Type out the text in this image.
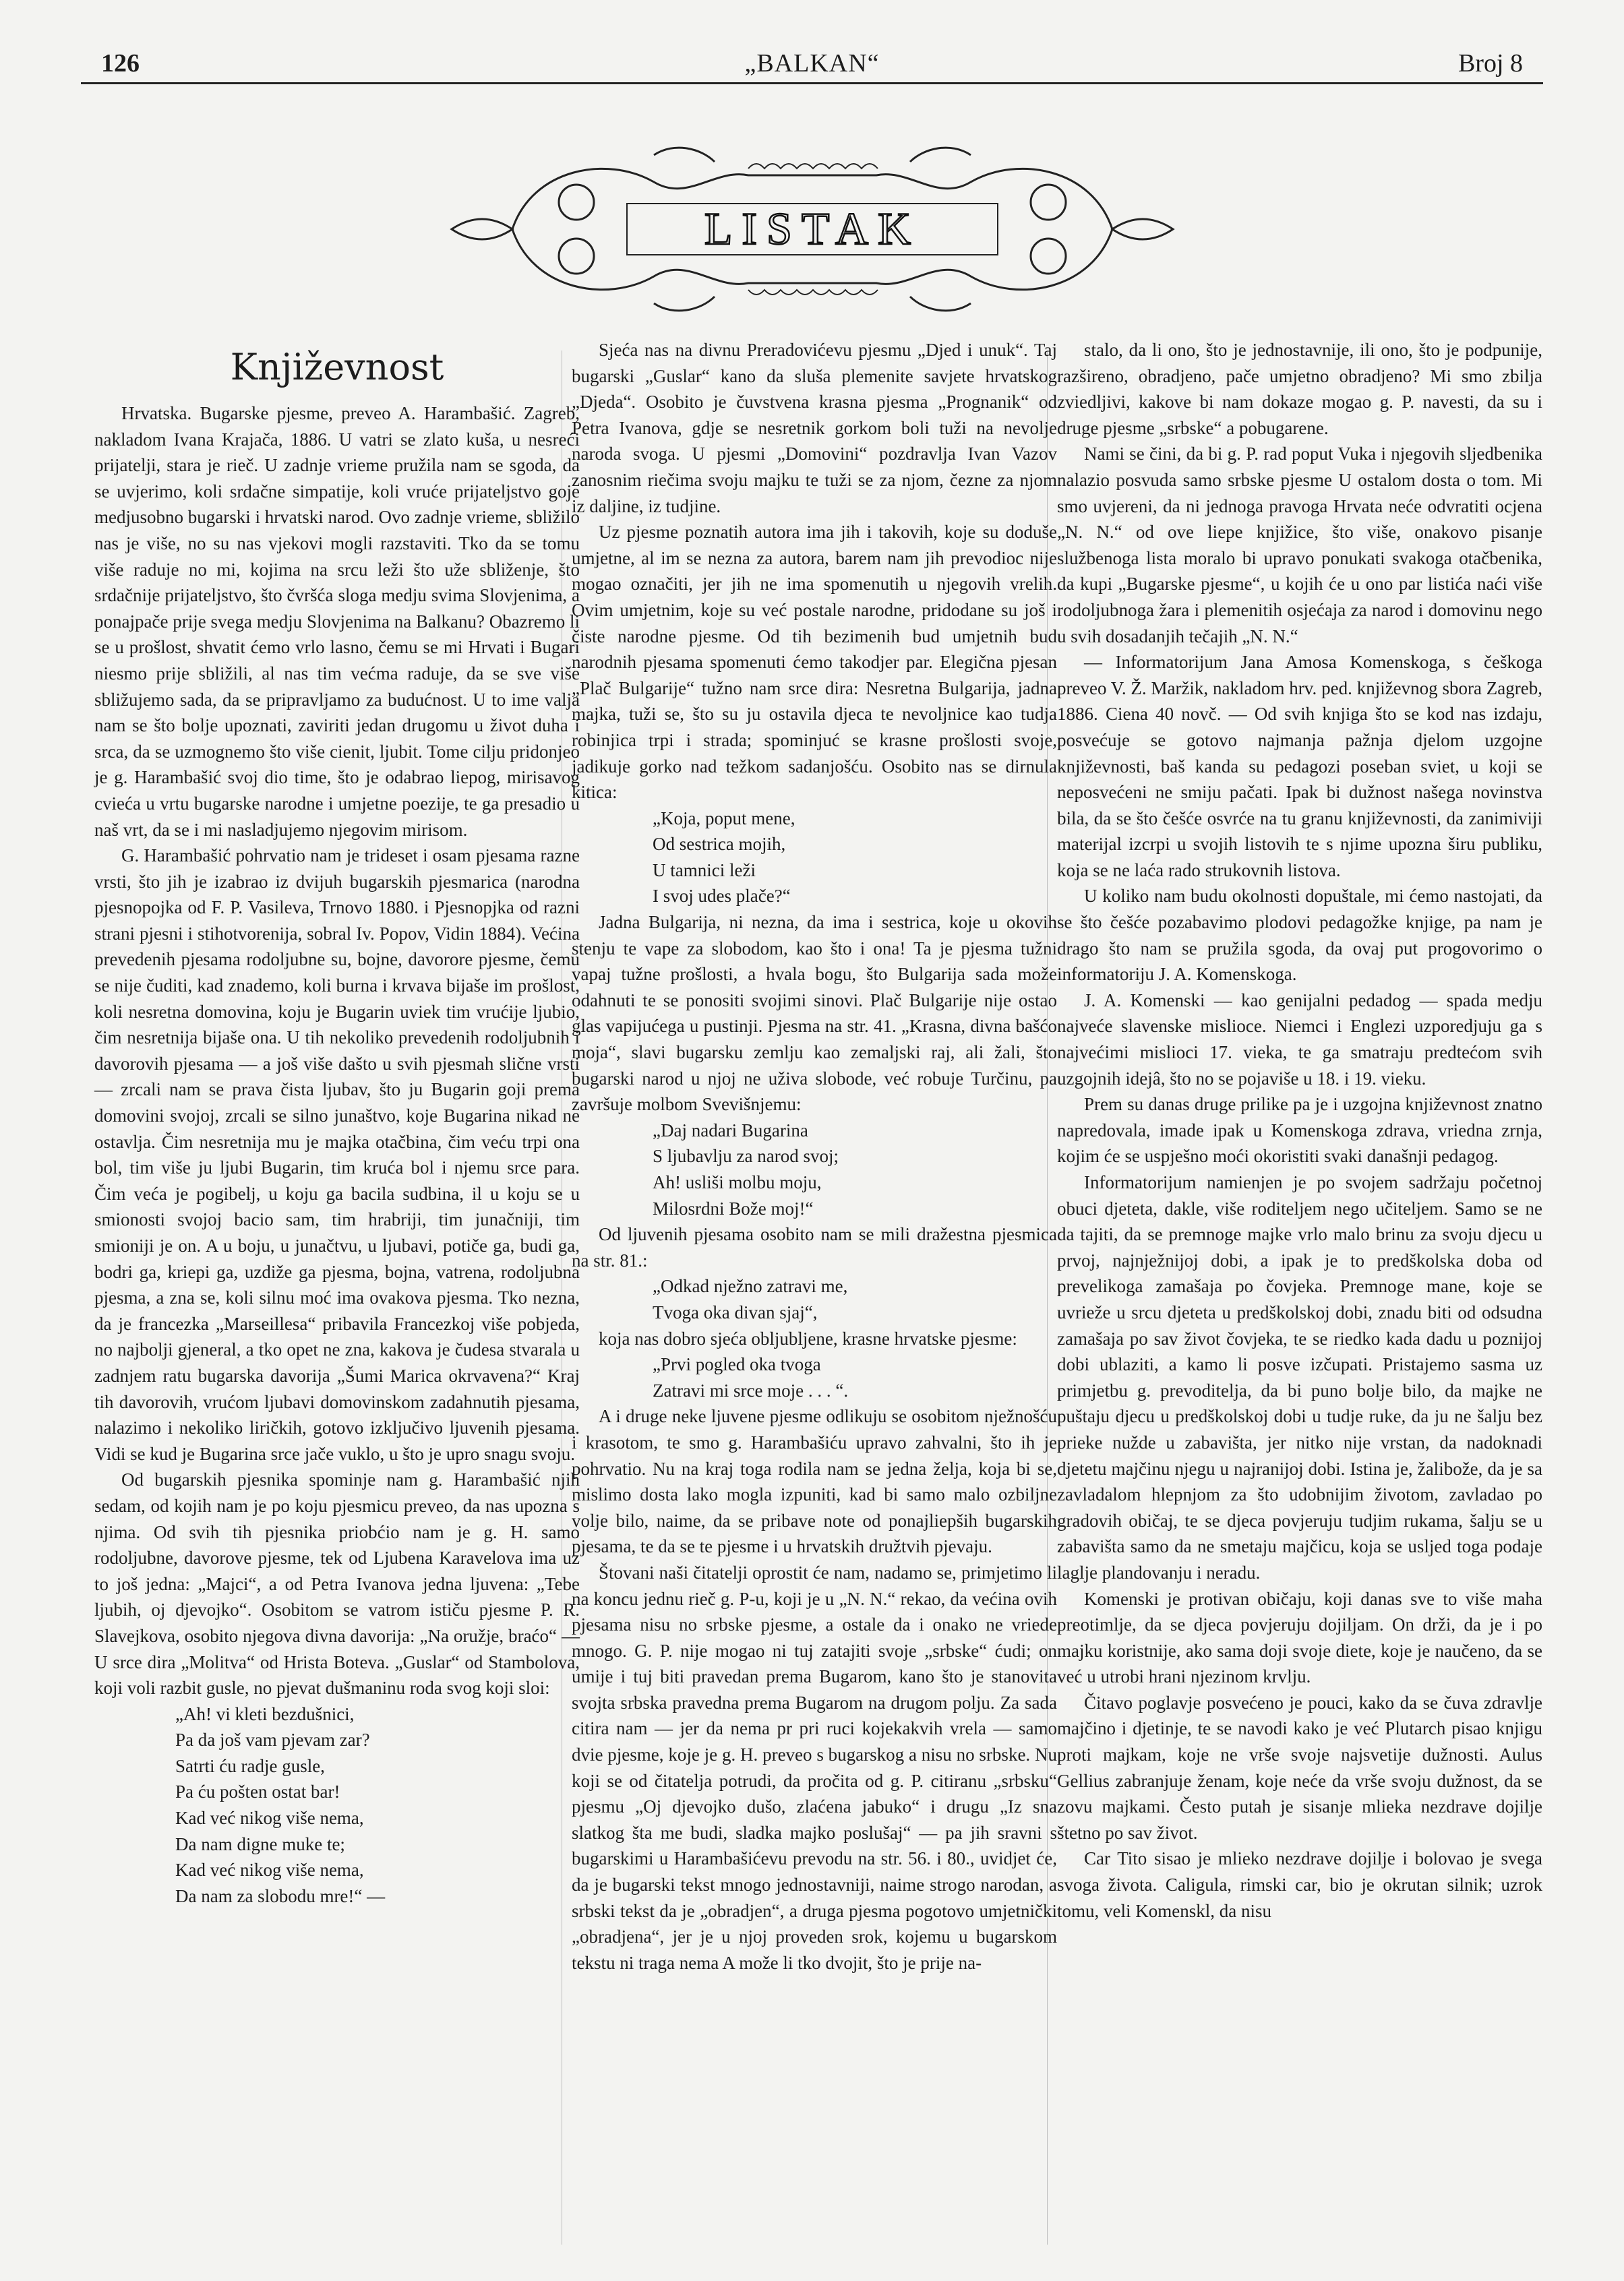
126	„BALKAN“	Broj 8
LISTAK
Književnost

Hrvatska. Bugarske pjesme, preveo A. Harambašić. Zagreb, nakladom Ivana Krajača, 1886. U vatri se zlato kuša, u nesreći prijatelji, stara je rieč. U zadnje vrieme pružila nam se sgoda, da se uvjerimo, koli srdačne simpatije, koli vruće prijateljstvo goje medjusobno bugarski i hrvatski narod. Ovo zadnje vrieme, sbližilo nas je više, no su nas vjekovi mogli razstaviti. Tko da se tomu više raduje no mi, kojima na srcu leži što uže sbliženje, što srdačnije prijateljstvo, što čvršća sloga medju svima Slovjenima, a ponajpače prije svega medju Slovjenima na Balkanu? Obazremo li se u prošlost, shvatit ćemo vrlo lasno, čemu se mi Hrvati i Bugari niesmo prije sbližili, al nas tim većma raduje, da se sve više sbližujemo sada, da se pripravljamo za budućnost. U to ime valja nam se što bolje upoznati, zaviriti jedan drugomu u život duha i srca, da se uzmognemo što više cienit, ljubit. Tome cilju pridonjeo je g. Harambašić svoj dio time, što je odabrao liepog, mirisavog cvieća u vrtu bugarske narodne i umjetne poezije, te ga presadio u naš vrt, da se i mi nasladjujemo njegovim mirisom.

G. Harambašić pohrvatio nam je trideset i osam pjesama razne vrsti, što jih je izabrao iz dvijuh bugarskih pjesmarica (narodna pjesnopojka od F. P. Vasileva, Trnovo 1880. i Pjesnopjka od razni strani pjesni i stihotvorenija, sobral Iv. Popov, Vidin 1884). Većina prevedenih pjesama rodoljubne su, bojne, davorore pjesme, čemu se nije čuditi, kad znademo, koli burna i krvava bijaše im prošlost, koli nesretna domovina, koju je Bugarin uviek tim vrućije ljubio, čim nesretnija bijaše ona. U tih nekoliko prevedenih rodoljubnih i davorovih pjesama — a još više dašto u svih pjesmah slične vrsti — zrcali nam se prava čista ljubav, što ju Bugarin goji prema domovini svojoj, zrcali se silno junaštvo, koje Bugarina nikad ne ostavlja. Čim nesretnija mu je majka otačbina, čim veću trpi ona bol, tim više ju ljubi Bugarin, tim kruća bol i njemu srce para. Čim veća je pogibelj, u koju ga bacila sudbina, il u koju se u smionosti svojoj bacio sam, tim hrabriji, tim junačniji, tim smioniji je on. A u boju, u junačtvu, u ljubavi, potiče ga, budi ga, bodri ga, kriepi ga, uzdiže ga pjesma, bojna, vatrena, rodoljubna pjesma, a zna se, koli silnu moć ima ovakova pjesma. Tko nezna, da je francezka „Marseillesa“ pribavila Francezkoj više pobjeda, no najbolji gjeneral, a tko opet ne zna, kakova je čudesa stvarala u zadnjem ratu bugarska davorija „Šumi Marica okrvavena?“ Kraj tih davorovih, vrućom ljubavi domovinskom zadahnutih pjesama, nalazimo i nekoliko liričkih, gotovo izključivo ljuvenih pjesama. Vidi se kud je Bugarina srce jače vuklo, u što je upro snagu svoju.

Od bugarskih pjesnika spominje nam g. Harambašić njih sedam, od kojih nam je po koju pjesmicu preveo, da nas upozna s njima. Od svih tih pjesnika priobćio nam je g. H. samo rodoljubne, davorove pjesme, tek od Ljubena Karavelova ima uz to još jedna: „Majci“, a od Petra Ivanova jedna ljuvena: „Tebe ljubih, oj djevojko“. Osobitom se vatrom ističu pjesme P. R. Slavejkova, osobito njegova divna davorija: „Na oružje, braćo“ — U srce dira „Molitva“ od Hrista Boteva. „Guslar“ od Stambolova, koji voli razbit gusle, no pjevat dušmaninu roda svog koji sloi:

„Ah! vi kleti bezdušnici,
Pa da još vam pjevam zar?
Satrti ću radje gusle,
Pa ću pošten ostat bar!
Kad već nikog više nema,
Da nam digne muke te;
Kad već nikog više nema,
Da nam za slobodu mre!“ —

Sjeća nas na divnu Preradovićevu pjesmu „Djed i unuk“. Taj bugarski „Guslar“ kano da sluša plemenite savjete hrvatskog „Djeda“. Osobito je čuvstvena krasna pjesma „Prognanik“ od Petra Ivanova, gdje se nesretnik gorkom boli tuži na nevolje naroda svoga. U pjesmi „Domovini“ pozdravlja Ivan Vazov zanosnim riečima svoju majku te tuži se za njom, čezne za njom iz daljine, iz tudjine.

Uz pjesme poznatih autora ima jih i takovih, koje su doduše umjetne, al im se nezna za autora, barem nam jih prevodioc nije mogao označiti, jer jih ne ima spomenutih u njegovih vrelih. Ovim umjetnim, koje su već postale narodne, pridodane su još i čiste narodne pjesme. Od tih bezimenih bud umjetnih bud narodnih pjesama spomenuti ćemo takodjer par. Elegična pjesan „Plač Bulgarije“ tužno nam srce dira: Nesretna Bulgarija, jadna majka, tuži se, što su ju ostavila djeca te nevoljnice kao tudja robinjica trpi i strada; spominjuć se krasne prošlosti svoje, jadikuje gorko nad težkom sadanjošću. Osobito nas se dirnula kitica:

„Koja, poput mene,
Od sestrica mojih,
U tamnici leži
I svoj udes plače?“

Jadna Bulgarija, ni nezna, da ima i sestrica, koje u okovih stenju te vape za slobodom, kao što i ona! Ta je pjesma tužni vapaj tužne prošlosti, a hvala bogu, što Bulgarija sada može odahnuti te se ponositi svojimi sinovi. Plač Bulgarije nije ostao glas vapijućega u pustinji. Pjesma na str. 41. „Krasna, divna bašćo moja“, slavi bugarsku zemlju kao zemaljski raj, ali žali, što bugarski narod u njoj ne uživa slobode, već robuje Turčinu, pa završuje molbom Svevišnjemu:

„Daj nadari Bugarina
S ljubavlju za narod svoj;
Ah! usliši molbu moju,
Milosrdni Bože moj!“

Od ljuvenih pjesama osobito nam se mili dražestna pjesmica na str. 81.:

„Odkad nježno zatravi me,
Tvoga oka divan sjaj“,

koja nas dobro sjeća obljubljene, krasne hrvatske pjesme:

„Prvi pogled oka tvoga
Zatravi mi srce moje . . . “.

A i druge neke ljuvene pjesme odlikuju se osobitom nježnošću i krasotom, te smo g. Harambašiću upravo zahvalni, što ih je pohrvatio. Nu na kraj toga rodila nam se jedna želja, koja bi se, mislimo dosta lako mogla izpuniti, kad bi samo malo ozbiljne volje bilo, naime, da se pribave note od ponajliepših bugarskih pjesama, te da se te pjesme i u hrvatskih družtvih pjevaju.

Štovani naši čitatelji oprostit će nam, nadamo se, primjetimo li na koncu jednu rieč g. P-u, koji je u „N. N.“ rekao, da većina ovih pjesama nisu no srbske pjesme, a ostale da i onako ne vriede mnogo. G. P. nije mogao ni tuj zatajiti svoje „srbske“ ćudi; on umije i tuj biti pravedan prema Bugarom, kano što je stanovita svojta srbska pravedna prema Bugarom na drugom polju. Za sada citira nam — jer da nema pr pri ruci kojekakvih vrela — samo dvie pjesme, koje je g. H. preveo s bugarskog a nisu no srbske. Nu koji se od čitatelja potrudi, da pročita od g. P. citiranu „srbsku“ pjesmu „Oj djevojko dušo, zlaćena jabuko“ i drugu „Iz sna slatkog šta me budi, sladka majko poslušaj“ — pa jih sravni s bugarskimi u Harambašićevu prevodu na str. 56. i 80., uvidjet će, da je bugarski tekst mnogo jednostavniji, naime strogo narodan, a srbski tekst da je „obradjen“, a druga pjesma pogotovo umjetnički „obradjena“, jer je u njoj proveden srok, kojemu u bugarskom tekstu ni traga nema A može li tko dvojit, što je prije na-

stalo, da li ono, što je jednostavnije, ili ono, što je podpunije, razšireno, obradjeno, pače umjetno obradjeno? Mi smo zbilja zviedljivi, kakove bi nam dokaze mogao g. P. navesti, da su i druge pjesme „srbske“ a pobugarene.

Nami se čini, da bi g. P. rad poput Vuka i njegovih sljedbenika nalazio posvuda samo srbske pjesme U ostalom dosta o tom. Mi smo uvjereni, da ni jednoga pravoga Hrvata neće odvratiti ocjena „N. N.“ od ove liepe knjižice, što više, onakovo pisanje službenoga lista moralo bi upravo ponukati svakoga otačbenika, da kupi „Bugarske pjesme“, u kojih će u ono par listića naći više rodoljubnoga žara i plemenitih osjećaja za narod i domovinu nego u svih dosadanjih tečajih „N. N.“

— Informatorijum Jana Amosa Komenskoga, s češkoga preveo V. Ž. Maržik, nakladom hrv. ped. književnog sbora Zagreb, 1886. Ciena 40 novč. — Od svih knjiga što se kod nas izdaju, posvećuje se gotovo najmanja pažnja djelom uzgojne književnosti, baš kanda su pedagozi poseban sviet, u koji se neposvećeni ne smiju pačati. Ipak bi dužnost našega novinstva bila, da se što češće osvrće na tu granu književnosti, da zanimiviji materijal izcrpi u svojih listovih te s njime upozna širu publiku, koja se ne laća rado strukovnih listova.

U koliko nam budu okolnosti dopuštale, mi ćemo nastojati, da se što češće pozabavimo plodovi pedagožke knjige, pa nam je drago što nam se pružila sgoda, da ovaj put progovorimo o informatoriju J. A. Komenskoga.

J. A. Komenski — kao genijalni pedadog — spada medju najveće slavenske mislioce. Niemci i Englezi uzporedjuju ga s najvećimi mislioci 17. vieka, te ga smatraju predtećom svih uzgojnih idejâ, što no se pojaviše u 18. i 19. vieku.

Prem su danas druge prilike pa je i uzgojna književnost znatno napredovala, imade ipak u Komenskoga zdrava, vriedna zrnja, kojim će se uspješno moći okoristiti svaki današnji pedagog.

Informatorijum namienjen je po svojem sadržaju početnoj obuci djeteta, dakle, više roditeljem nego učiteljem. Samo se ne da tajiti, da se premnoge majke vrlo malo brinu za svoju djecu u prvoj, najnježnijoj dobi, a ipak je to predškolska doba od prevelikoga zamašaja po čovjeka. Premnoge mane, koje se uvrieže u srcu djeteta u predškolskoj dobi, znadu biti od odsudna zamašaja po sav život čovjeka, te se riedko kada dadu u poznijoj dobi ublaziti, a kamo li posve izčupati. Pristajemo sasma uz primjetbu g. prevoditelja, da bi puno bolje bilo, da majke ne puštaju djecu u predškolskoj dobi u tudje ruke, da ju ne šalju bez prieke nužde u zabavišta, jer nitko nije vrstan, da nadoknadi djetetu majčinu njegu u najranijoj dobi. Istina je, žalibože, da je sa zavladalom hlepnjom za što udobnijim životom, zavladao po gradovih običaj, te se djeca povjeruju tudjim rukama, šalju se u zabavišta samo da ne smetaju majčicu, koja se usljed toga podaje laglje plandovanju i neradu.

Komenski je protivan običaju, koji danas sve to više maha preotimlje, da se djeca povjeruju dojiljam. On drži, da je i po majku koristnije, ako sama doji svoje diete, koje je naučeno, da se već u utrobi hrani njezinom krvlju.

Čitavo poglavje posvećeno je pouci, kako da se čuva zdravlje majčino i djetinje, te se navodi kako je već Plutarch pisao knjigu proti majkam, koje ne vrše svoje najsvetije dužnosti. Aulus Gellius zabranjuje ženam, koje neće da vrše svoju dužnost, da se zovu majkami. Često putah je sisanje mlieka nezdrave dojilje štetno po sav život.

Car Tito sisao je mlieko nezdrave dojilje i bolovao je svega svoga života. Caligula, rimski car, bio je okrutan silnik; uzrok tomu, veli Komenskl, da nisu
